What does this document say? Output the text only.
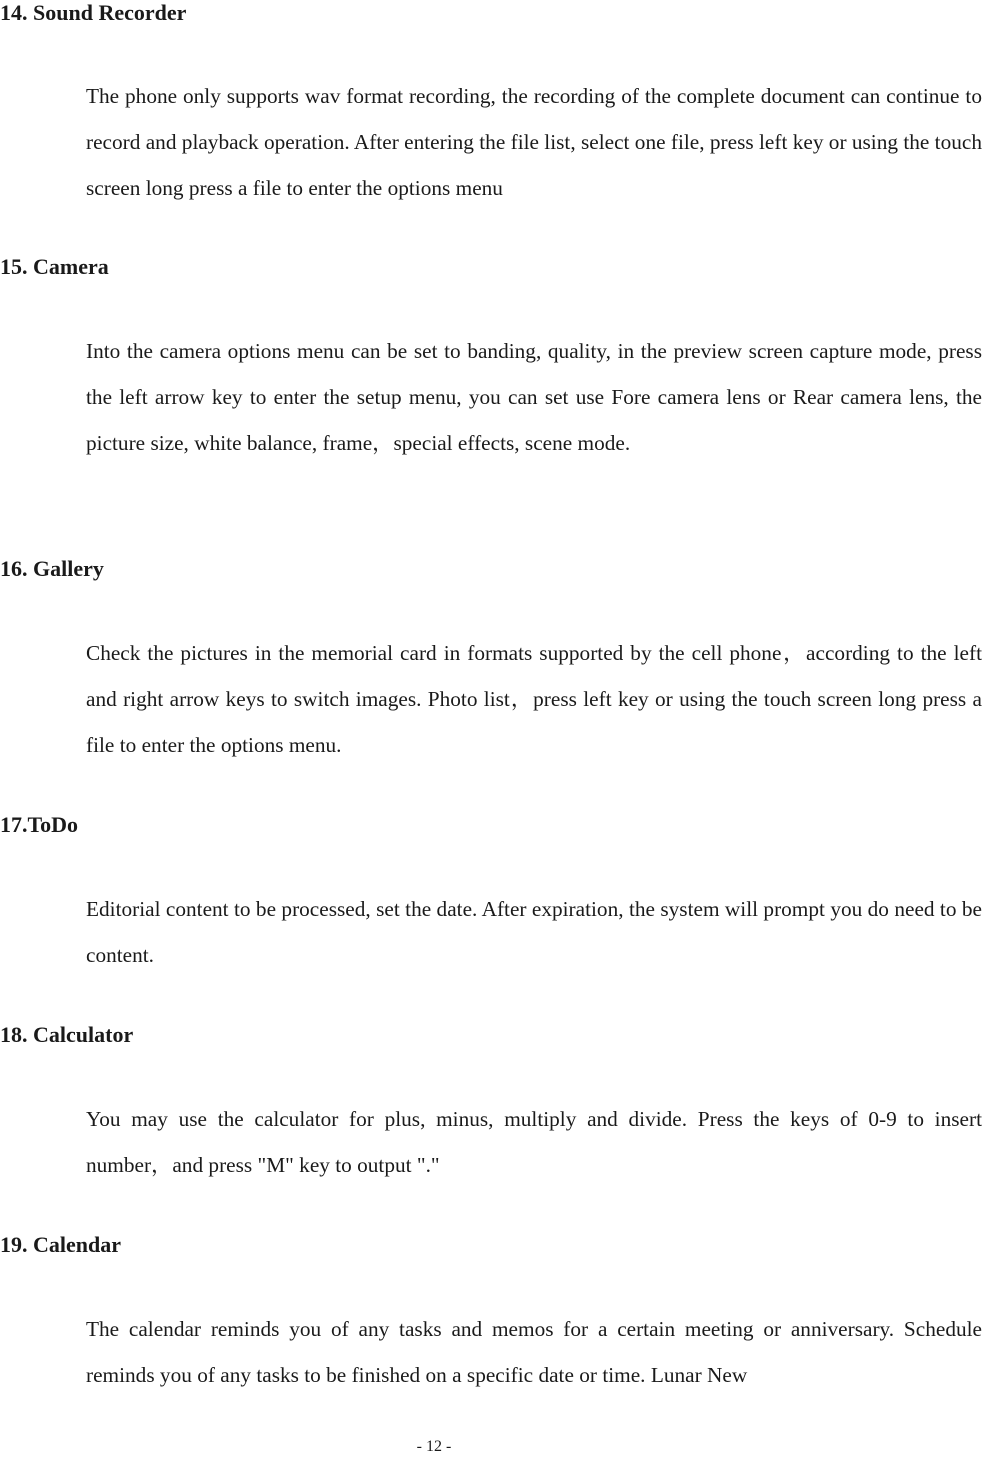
14. Sound Recorder

The phone only supports wav format recording, the recording of the complete document can continue to record and playback operation. After entering the file list, select one file, press left key or using the touch screen long press a file to enter the options menu

15. Camera

Into the camera options menu can be set to banding, quality, in the preview screen capture mode, press the left arrow key to enter the setup menu, you can set use Fore camera lens or Rear camera lens, the picture size, white balance, frame，special effects, scene mode.

16. Gallery

Check the pictures in the memorial card in formats supported by the cell phone，according to the left and right arrow keys to switch images. Photo list，press left key or using the touch screen long press a file to enter the options menu.

17.ToDo

Editorial content to be processed, set the date. After expiration, the system will prompt you do need to be content.

18. Calculator

You may use the calculator for plus, minus, multiply and divide. Press the keys of 0-9 to insert number，and press "M" key to output "."

19. Calendar

The calendar reminds you of any tasks and memos for a certain meeting or anniversary. Schedule reminds you of any tasks to be finished on a specific date or time. Lunar New

- 12 -
